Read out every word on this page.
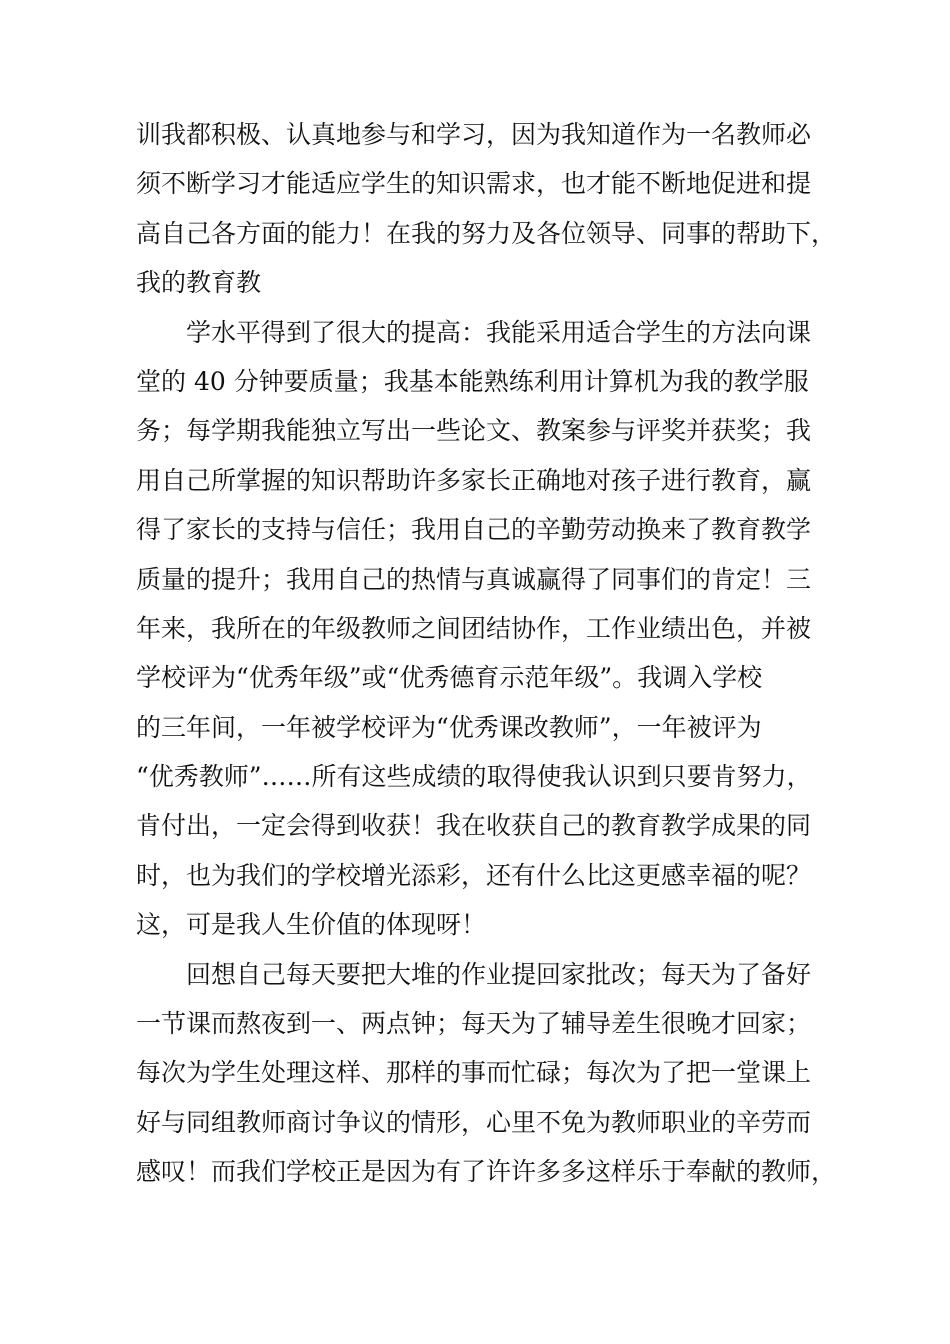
训我都积极、认真地参与和学习，因为我知道作为一名教师必
须不断学习才能适应学生的知识需求，也才能不断地促进和提
高自己各方面的能力！在我的努力及各位领导、同事的帮助下，
我的教育教
学水平得到了很大的提高：我能采用适合学生的方法向课
堂的 40 分钟要质量；我基本能熟练利用计算机为我的教学服
务；每学期我能独立写出一些论文、教案参与评奖并获奖；我
用自己所掌握的知识帮助许多家长正确地对孩子进行教育，赢
得了家长的支持与信任；我用自己的辛勤劳动换来了教育教学
质量的提升；我用自己的热情与真诚赢得了同事们的肯定！三
年来，我所在的年级教师之间团结协作，工作业绩出色，并被
学校评为“优秀年级”或“优秀德育示范年级”。我调入学校
的三年间，一年被学校评为“优秀课改教师”，一年被评为
“优秀教师”……所有这些成绩的取得使我认识到只要肯努力，
肯付出，一定会得到收获！我在收获自己的教育教学成果的同
时，也为我们的学校增光添彩，还有什么比这更感幸福的呢？
这，可是我人生价值的体现呀！
回想自己每天要把大堆的作业提回家批改；每天为了备好
一节课而熬夜到一、两点钟；每天为了辅导差生很晚才回家；
每次为学生处理这样、那样的事而忙碌；每次为了把一堂课上
好与同组教师商讨争议的情形，心里不免为教师职业的辛劳而
感叹！而我们学校正是因为有了许许多多这样乐于奉献的教师，
